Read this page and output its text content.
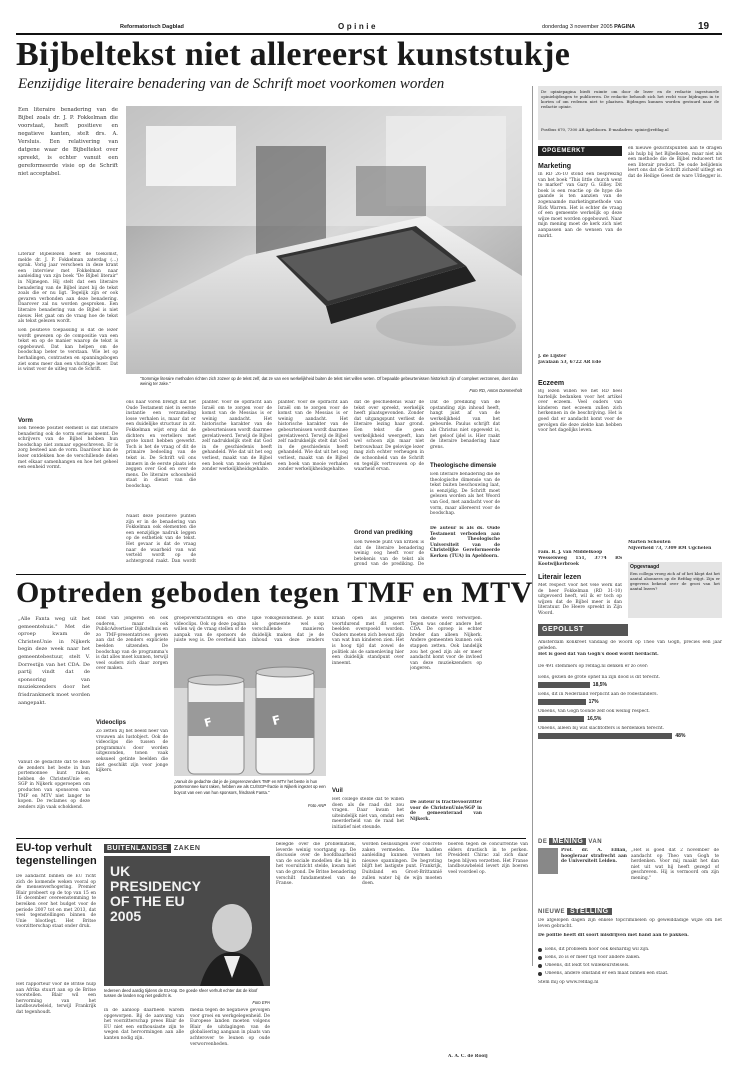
Reformatorisch Dagblad	Opinie	donderdag 3 november 2005 PAGINA	19
Bijbeltekst niet allereerst kunststukje
Eenzijdige literaire benadering van de Schrift moet voorkomen worden
Een literaire benadering van de Bijbel zoals dr. J. P. Fokkelman die voorstaat, heeft positieve en negatieve kanten, stelt drs. A. Versluis. Een relativering van datgene waar de Bijbeltekst over spreekt, is echter vanuit een gereformeerde visie op de Schrift niet acceptabel.
Literair Bijbellezen heeft de toekomst, melde dr. J. P. Fokkelman zaterdag (...) sprak. Vorig jaar verscheen in deze krant een interview met Fokkelman naar aanleiding van zijn boek "De Bijbel literair" in Nijmegen. Hij stelt dat een literaire benadering van de Bijbel inzet bij de tekst zoals die er nu ligt. Tegelijk zijn er ook gevaren verbonden aan deze benadering. Daarover zal nu worden gesproken. Een literaire benadering van de Bijbel is niet nieuw. Het gaat om de vraag hoe de tekst als tekst gelezen wordt.
Een positieve toepassing is dat de lezer wordt gewezen op de compositie van een tekst en op de manier waarop de tekst is opgebouwd. Dat kan helpen om de boodschap beter te verstaan. Wie let op herhalingen, contrasten en spanningsbogen ziet soms meer dan een vluchtige lezer. Dat is winst voor de uitleg van de Schrift.
Vorm
Een tweede positief element is dat literaire benadering ook de vorm serieus neemt. De schrijvers van de Bijbel hebben hun boodschap niet zomaar opgeschreven. Er is zorg besteed aan de vorm. Daardoor kan de lezer ontdekken hoe de verschillende delen met elkaar samenhangen en hoe het geheel een eenheid vormt.
"Sommige literaire methoden richten zich zozeer op de tekst zelf, dat ze van een werkelijkheid buiten de tekst niet willen weten. Of bepaalde gebeurtenissen historisch zijn of compleet verzonnen, doet dan weinig ter zake."
Foto RD, Anton Dommerholt
ons naar voren brengt dat het Oude Testament niet in eerste instantie een verzameling losse verhalen is, maar dat er een duidelijke structuur in zit. Fokkelman wijst erop dat de dichters en vertellers met grote kunst hebben gewerkt. Toch is het de vraag of dit de primaire bedoeling van de tekst is. De Schrift wil ons immers in de eerste plaats iets zeggen over God en over de mens. De literaire schoonheid staat in dienst van die boodschap.
Naast deze positieve punten zijn er in de benadering van Fokkelman ook elementen die een eenzijdige nadruk leggen op de esthetiek van de tekst. Het gevaar is dat de vraag naar de waarheid van wat verteld wordt op de achtergrond raakt. Dan wordt
planter. Voor de opdracht aan Israël om te zorgen voor de komst van de Messias is er weinig aandacht. Het historische karakter van de gebeurtenissen wordt daarmee gerelativeerd. Terwijl de Bijbel zelf nadrukkelijk stelt dat God in de geschiedenis heeft gehandeld. Wie dat uit het oog verliest, maakt van de Bijbel een boek van mooie verhalen zonder werkelijkheidsgehalte.
planter. Voor de opdracht aan Israël om te zorgen voor de komst van de Messias is er weinig aandacht. Het historische karakter van de gebeurtenissen wordt daarmee gerelativeerd. Terwijl de Bijbel zelf nadrukkelijk stelt dat God in de geschiedenis heeft gehandeld. Wie dat uit het oog verliest, maakt van de Bijbel een boek van mooie verhalen zonder werkelijkheidsgehalte.
dat de geschiedenis waar de tekst over spreekt, werkelijk heeft plaatsgevonden. Zonder dat uitgangspunt verliest de literaire lezing haar grond. Een tekst die geen werkelijkheid weergeeft, kan wel schoon zijn maar niet betrouwbaar. De gelovige lezer mag zich echter verheugen in de schoonheid van de Schrift en tegelijk vertrouwen op de waarheid ervan.
Grond van prediking
Een tweede punt van kritiek is dat de literaire benadering weinig oog heeft voor de betekenis van de tekst als grond van de prediking. De
Dat de prediking van de opstanding zijn inhoud heeft, hangt juist af van de werkelijkheid van het gebeurde. Paulus schrijft dat als Christus niet opgewekt is, het geloof ijdel is. Hier raakt de literaire benadering haar grens.
Theologische dimensie
Een literaire benadering die de theologische dimensie van de tekst buiten beschouwing laat, is eenzijdig. De Schrift moet gelezen worden als het Woord van God, met aandacht voor de vorm, maar allereerst voor de boodschap.
De auteur is als ds. Oude Testament verbonden aan de Theologische Universiteit van de Christelijke Gereformeerde Kerken (TUA) in Apeldoorn.
De opiniepagina biedt ruimte om door de lezer en de redactie ingestuurde opiniebijdragen te publiceren. De redactie behoudt zich het recht voor bijdragen in te korten of om redenen niet te plaatsen. Bijdragen kunnen worden gestuurd naar de redactie opinie.
Postbus 670, 7300 AR Apeldoorn. E-mailadres: opinie@refdag.nl
OPGEMERKT
Marketing
In RD 26-10 stond een bespreking van het boek "This little church went to market" van Gary G. Gilley. Dit boek is een reactie op de hype die gaande is ten aanzien van de zogenaamde marketingmethode van Rick Warren. Het is echter de vraag of een gemeente werkelijk op deze wijze moet worden opgebouwd. Naar mijn mening moet de kerk zich niet aanpassen aan de wensen van de markt.
J. de Lijster
Javalaan 53, 6722 AR Ede
Eczeem
Bij lezen willen we het RD heel hartelijk bedanken voor het artikel over eczeem. Veel ouders van kinderen met eczeem zullen zich herkennen in de beschrijving. Het is goed dat er aandacht komt voor de gevolgen die deze ziekte kan hebben voor het dagelijks leven.
Fam. B. J. van Middelkoop
Wesselsweg 151, 3774 RS Kootwijkerbroek
Literair lezen
Met respect voor het vele werk dat de heer Fokkelman (RD 31-10) uitgevoerd heeft, wil ik er toch op wijzen dat de Bijbel meer is dan literatuur. De Heere spreekt in Zijn Woord.
en nieuwe gezichtspunten aan te dragen als hulp bij het Bijbellezen, maar niet als een methode die de Bijbel reduceert tot een literair product. De oude belijdenis leert ons dat de Schrift zichzelf uitlegt en dat de Heilige Geest de ware Uitlegger is.
Marten Schouten
Nijverheid 73, 7309 RM Ugchelen
Opgevraagd
Een collega vroeg zich af of het klopt dat het aantal abonnees op de Refdag stijgt. Zijn er gegevens bekend over de groei van het aantal lezers?
Optreden geboden tegen TMF en MTV
„Alle Fanta weg uit het gemeentehuis." Met die oproep kwam de ChristenUnie in Nijkerk begin deze week naar het gemeentebestuur, stelt V. Dorrestijn van het CDA. De partij vindt dat de sponsoring van muziekzenders door het frisdrankmerk moet worden aangepakt.
Vanuit de gedachte dat te deze de zenders het beste in hun portemonnee kunt raken, hebben de ChristenUnie en SGP in Nijkerk opgeroepen om producten van sponsoren van TMF en MTV niet langer te kopen. De reclames op deze zenders zijn vaak schokkend.
blad van jongeren en ook ouderen, maar ook PublicAdvertiser Dijkstelhuis en zo TMF-presentatrices geven aan dat de zenders expliciete beelden uitzenden. De boodschap van de programma's is dat alles moet kunnen, terwijl veel ouders zich daar zorgen over maken.
Videoclips
Zo zetten zij het beeld neer van vrouwen als lustobject. Ook de videoclips die tussen de programma's door worden uitgezonden, tonen vaak seksueel getinte beelden die niet geschikt zijn voor jonge kijkers.
groepsverkrachtingen en drie videoclips. Ook op deze pagina willen wij de vraag stellen of de aanpak van de sponsors de juiste weg is. De overheid kan
lijke volksgezondheid. Je kunt als gemeente wel op verschillende manieren duidelijk maken dat je de inhoud van deze zenders
F	F
„Vanuit de gedachte dat je de jongerenzenders TMF en MTV het beste in hun portemonnee kunt raken, hebben we als CU/SGP-fractie in Nijkerk ingezet op een boycot van een van hun sponsors, frisdrank Fanta."
Foto ANP
kraan open als jongeren voortdurend met dit soort beelden overspoeld worden. Ouders moeten zich bewust zijn van wat hun kinderen zien. Het is hoog tijd dat zowel de politiek als de samenleving hier een duidelijk standpunt over inneemt.
Vuil
Het college stelde dat te willen doen als de raad dat zou vragen. Daar kwam het uiteindelijk niet van, omdat een meerderheid van de raad het initiatief niet steunde.
ten dienste werd verworpen. Tegen was onder andere het CDA. De oproep is echter breder dan alleen Nijkerk. Andere gemeenten kunnen ook stappen zetten. Ook landelijk zou het goed zijn als er meer aandacht komt voor de invloed van deze muziekzenders op jongeren.
De auteur is fractievoorzitter voor de ChristenUnie/SGP in de gemeenteraad van Nijkerk.
GEPOLLST
Amsterdam konkreet vandaag de woord op Theo van Gogh, precies een jaar geleden.
Het is goed dat Van Gogh's dood wordt herdacht.
De 491 stemmers op refdag.nl denken er zo over:
Eens, gezien de grote ophef na zijn dood is dit terecht.
18,5%
Eens, dit in Nederland verplicht aan de rodestanders.
17%
Oneens, Van Gogh toonde zelf ook weinig respect.
16,5%
Oneens, alleen bij wat slachtoffers is herdenken terecht.
48%
DE MENING VAN
Prof. dr. A. Ellian, hoogleraar strafrecht aan de Universiteit Leiden.
„Het is goed dat 2 november de aandacht op Theo van Gogh te herdenken. Voor mij maakt het dan niet uit wat hij heeft gezegd of geschreven. Hij is vermoord om zijn mening."
NIEUWE STELLING
De afgelopen dagen zijn enkele topcriminelen op gewelddadige wijze om het leven gebracht.
De politie heeft dit soort misdrijven met hand aan te pakken.
Eens, dit probleem hoor ook keihardig wil zijn.
Eens, zo is er meer tijd voor andere zaken.
Oneens, dit leidt tot willekeurstelsels.
Oneens, andere omstand er een maat binnen een staat.
Stem mij op www.refdag.nl
EU-top verhult tegenstellingen
De aandacht binnen de EU richt zich de komende weken vooral op de mensenverhogering. Premier Blair probeert op de top van 15 en 16 december overeenstemming te bereiken over het budget voor de periode 2007 tot en met 2013, dat veel tegenstellingen binnen de Unie blootlegt. Het Britse voorzitterschap staat onder druk.
Het rapporteur voor de Britse hulp aan Afrika stuurt aan op de Britse voorstellen. Blair wil een hervorming van het landbouwbeleid, terwijl Frankrijk dat tegenhoudt.
BUITENLANDSE ZAKEN
UK PRESIDENCY OF THE EU 2005
Iedereen deed aardig tijdens de EU-top. De goede sfeer verhult echter dat de kloof tussen de landen nog niet gedicht is.
Foto EPA
in de aanloop daarheen warem opgeworpen. Bij de aanvang van het voorzitterschap prees Blair de EU niet een enthousiaste zijn te wegen dat hervormingen aan alle kanten nodig zijn.
media tegen de negatieve gevolgen voor groei en werkgelegenheid. De Europese landen moeten volgens Blair de uitdagingen van de globalisering aangaan in plaats van achterover te leunen op oude verworvenheden.
belegde over die problematiek, leverde weinig voortgang op. De discussie over de hoofdbaarheid van de sociale modellen die hij in het vooruitzicht stelde, kwam niet van de grond. De Britse benadering verschilt fundamenteel van de Franse.
worden beslissingen over concrete zaken vermeden. Die hadden aanleiding kunnen vormen tot nieuwe spanningen. De begroting blijft het lastigste punt. Frankrijk, Duitsland en Groot-Brittannië zullen water bij de wijn moeten doen.
boeren tegen de concurrentie van elders drastisch in te perken. President Chirac zal zich daar tegen blijven verzetten. Het Franse landbouwbeleid levert zijn boeren veel voordeel op.
A. A. C. de Rooij
